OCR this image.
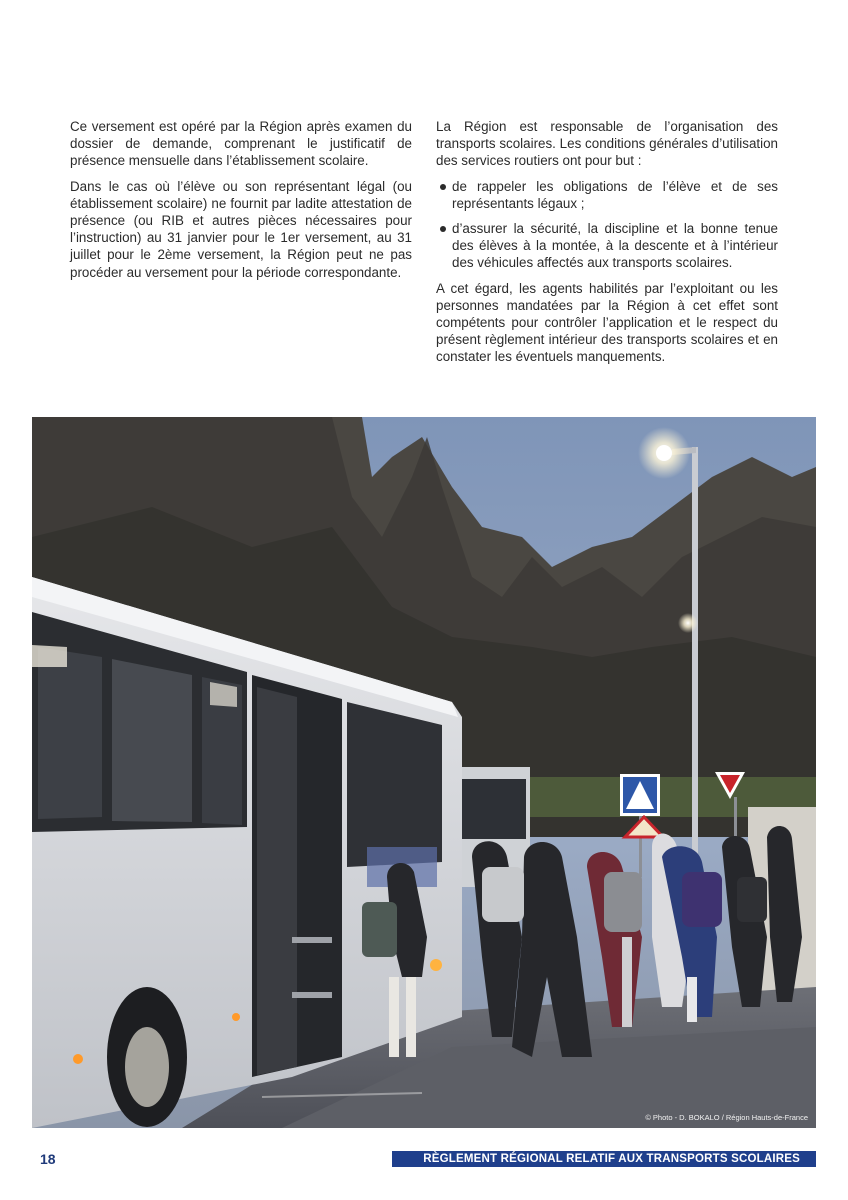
Ce versement est opéré par la Région après examen du dossier de demande, comprenant le justificatif de présence mensuelle dans l’établissement scolaire.

Dans le cas où l’élève ou son représentant légal (ou établissement scolaire) ne fournit par ladite attestation de présence (ou RIB et autres pièces nécessaires pour l’instruction) au 31 janvier pour le 1er versement, au 31 juillet pour le 2ème versement, la Région peut ne pas procéder au versement pour la période correspondante.

La Région est responsable de l’organisation des transports scolaires. Les conditions générales d’utilisation des services routiers ont pour but :

de rappeler les obligations de l’élève et de ses représentants légaux ;
d’assurer la sécurité, la discipline et la bonne tenue des élèves à la montée, à la descente et à l’intérieur des véhicules affectés aux transports scolaires.

A cet égard, les agents habilités par l’exploitant ou les personnes mandatées par la Région à cet effet sont compétents pour contrôler l’application et le respect du présent règlement intérieur des transports scolaires et en constater les éventuels manquements.

© Photo - D. BOKALO / Région Hauts-de-France
18	RÈGLEMENT RÉGIONAL RELATIF AUX TRANSPORTS SCOLAIRES
